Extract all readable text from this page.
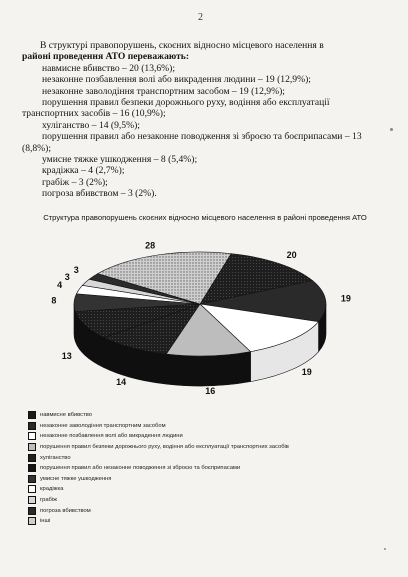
2

В структурі правопорушень, скоєних відносно місцевого населення в

районі проведення АТО переважають:

навмисне вбивство – 20 (13,6%);

незаконне позбавлення волі або викрадення людини – 19 (12,9%);

незаконне заволодіння транспортним засобом – 19 (12,9%);

порушення правил безпеки дорожнього руху, водіння або експлуатації транспортних засобів – 16 (10,9%);

хуліганство – 14 (9,5%);

порушення правил або незаконне поводження зі зброєю та боєприпасами – 13 (8,8%);

умисне тяжке ушкодження – 8 (5,4%);

крадіжка – 4 (2,7%);

грабіж – 3 (2%);

погроза вбивством – 3 (2%).

Структура правопорушень скоєних відносно місцевого населення в районі проведення АТО
20
19
19
16
14
13
8
4
3
3
28
навмисне вбивство
незаконне заволодіння транспортним засобом
незаконне позбавлення волі або викрадення людини
порушення правил безпеки дорожнього руху, водіння або експлуатації транспортних засобів
хуліганство
порушення правил або незаконне поводження зі зброєю та боєприпасами
умисне тяжке ушкодження
крадіжка
грабіж
погроза вбивством
інші
